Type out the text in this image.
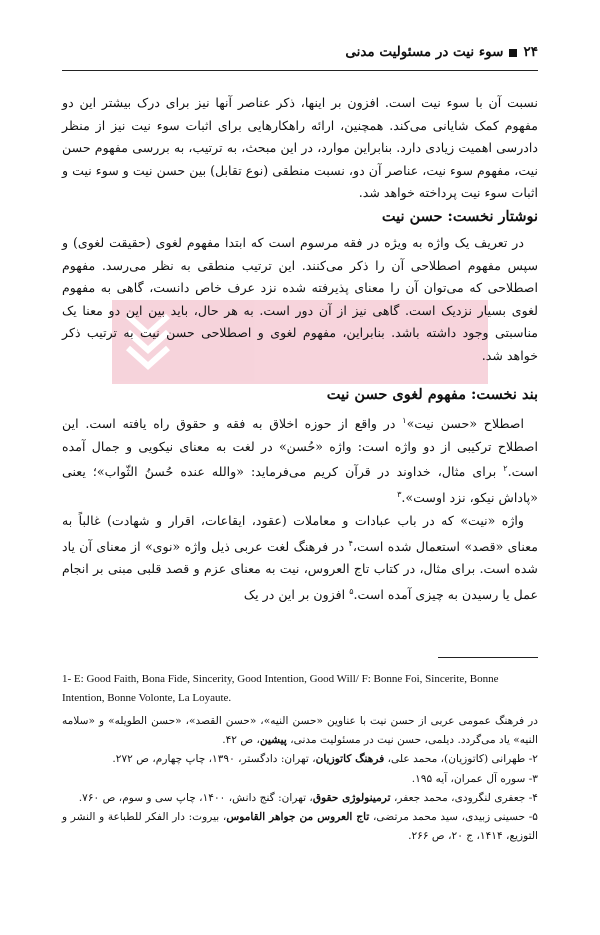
۲۴سوء نیت در مسئولیت مدنی

نسبت آن با سوء نیت است. افزون بر اینها، ذکر عناصر آنها نیز برای درک بیشتر این دو مفهوم کمک شایانی می‌کند. همچنین، ارائه راهکارهایی برای اثبات سوء نیت نیز از منظر دادرسی اهمیت زیادی دارد. بنابراین موارد، در این مبحث، به ترتیب، به بررسی مفهوم حسن نیت، مفهوم سوء نیت، عناصر آن دو، نسبت منطقی (نوع تقابل) بین حسن نیت و سوء نیت و اثبات سوء نیت پرداخته خواهد شد.

نوشتار نخست: حسن نیت

در تعریف یک واژه به ویژه در فقه مرسوم است که ابتدا مفهوم لغوی (حقیقت لغوی) و سپس مفهوم اصطلاحی آن را ذکر می‌کنند. این ترتیب منطقی به نظر می‌رسد. مفهوم اصطلاحی که می‌توان آن را معنای پذیرفته شده نزد عرف خاص دانست، گاهی به مفهوم لغوی بسیار نزدیک است. گاهی نیز از آن دور است. به هر حال، باید بین این دو معنا یک مناسبتی وجود داشته باشد. بنابراین، مفهوم لغوی و اصطلاحی حسن نیت به ترتیب ذکر خواهد شد.

بند نخست: مفهوم لغوی حسن نیت

اصطلاح «حسن نیت»$^۱$ در واقع از حوزه اخلاق به فقه و حقوق راه یافته است. این اصطلاح ترکیبی از دو واژه است: واژه «حُسن» در لغت به معنای نیکویی و جمال آمده است.$^۲$ برای مثال، خداوند در قرآن کریم می‌فرماید: «والله عنده حُسنُ الثّواب»؛ یعنی «پاداش نیکو، نزد اوست».$^۳$

واژه «نیت» که در باب عبادات و معاملات (عقود، ایقاعات، اقرار و شهادت) غالباً به معنای «قصد» استعمال شده است،$^۴$ در فرهنگ لغت عربی ذیل واژه «نوی» از معنای آن یاد شده است. برای مثال، در کتاب تاج العروس، نیت به معنای عزم و قصد قلبی مبنی بر انجام عمل یا رسیدن به چیزی آمده است.$^۵$ افزون بر این در یک

1- E: Good Faith, Bona Fide, Sincerity, Good Intention, Good Will/ F: Bonne Foi, Sincerite, Bonne Intention, Bonne Volonte, La Loyaute.
در فرهنگ عمومی عربی از حسن نیت با عناوین «حسن النیه»، «حسن القصد»، «حسن الطویله» و «سلامه النیه» یاد می‌گردد. دیلمی، حسن نیت در مسئولیت مدنی، پیشین، ص ۴۲.
۲- طهرانی (کاتوزیان)، محمد علی، فرهنگ کاتوزیان، تهران: دادگستر، ۱۳۹۰، چاپ چهارم، ص ۲۷۲.
۳- سوره آل عمران، آیه ۱۹۵.
۴- جعفری لنگرودی، محمد جعفر، ترمینولوژی حقوق، تهران: گنج دانش، ۱۴۰۰، چاپ سی و سوم، ص ۷۶۰.
۵- حسینی زبیدی، سید محمد مرتضی، تاج العروس من جواهر القاموس، بیروت: دار الفکر للطباعة و النشر و التوزیع، ۱۴۱۴، ج ۲۰، ص ۲۶۶.
